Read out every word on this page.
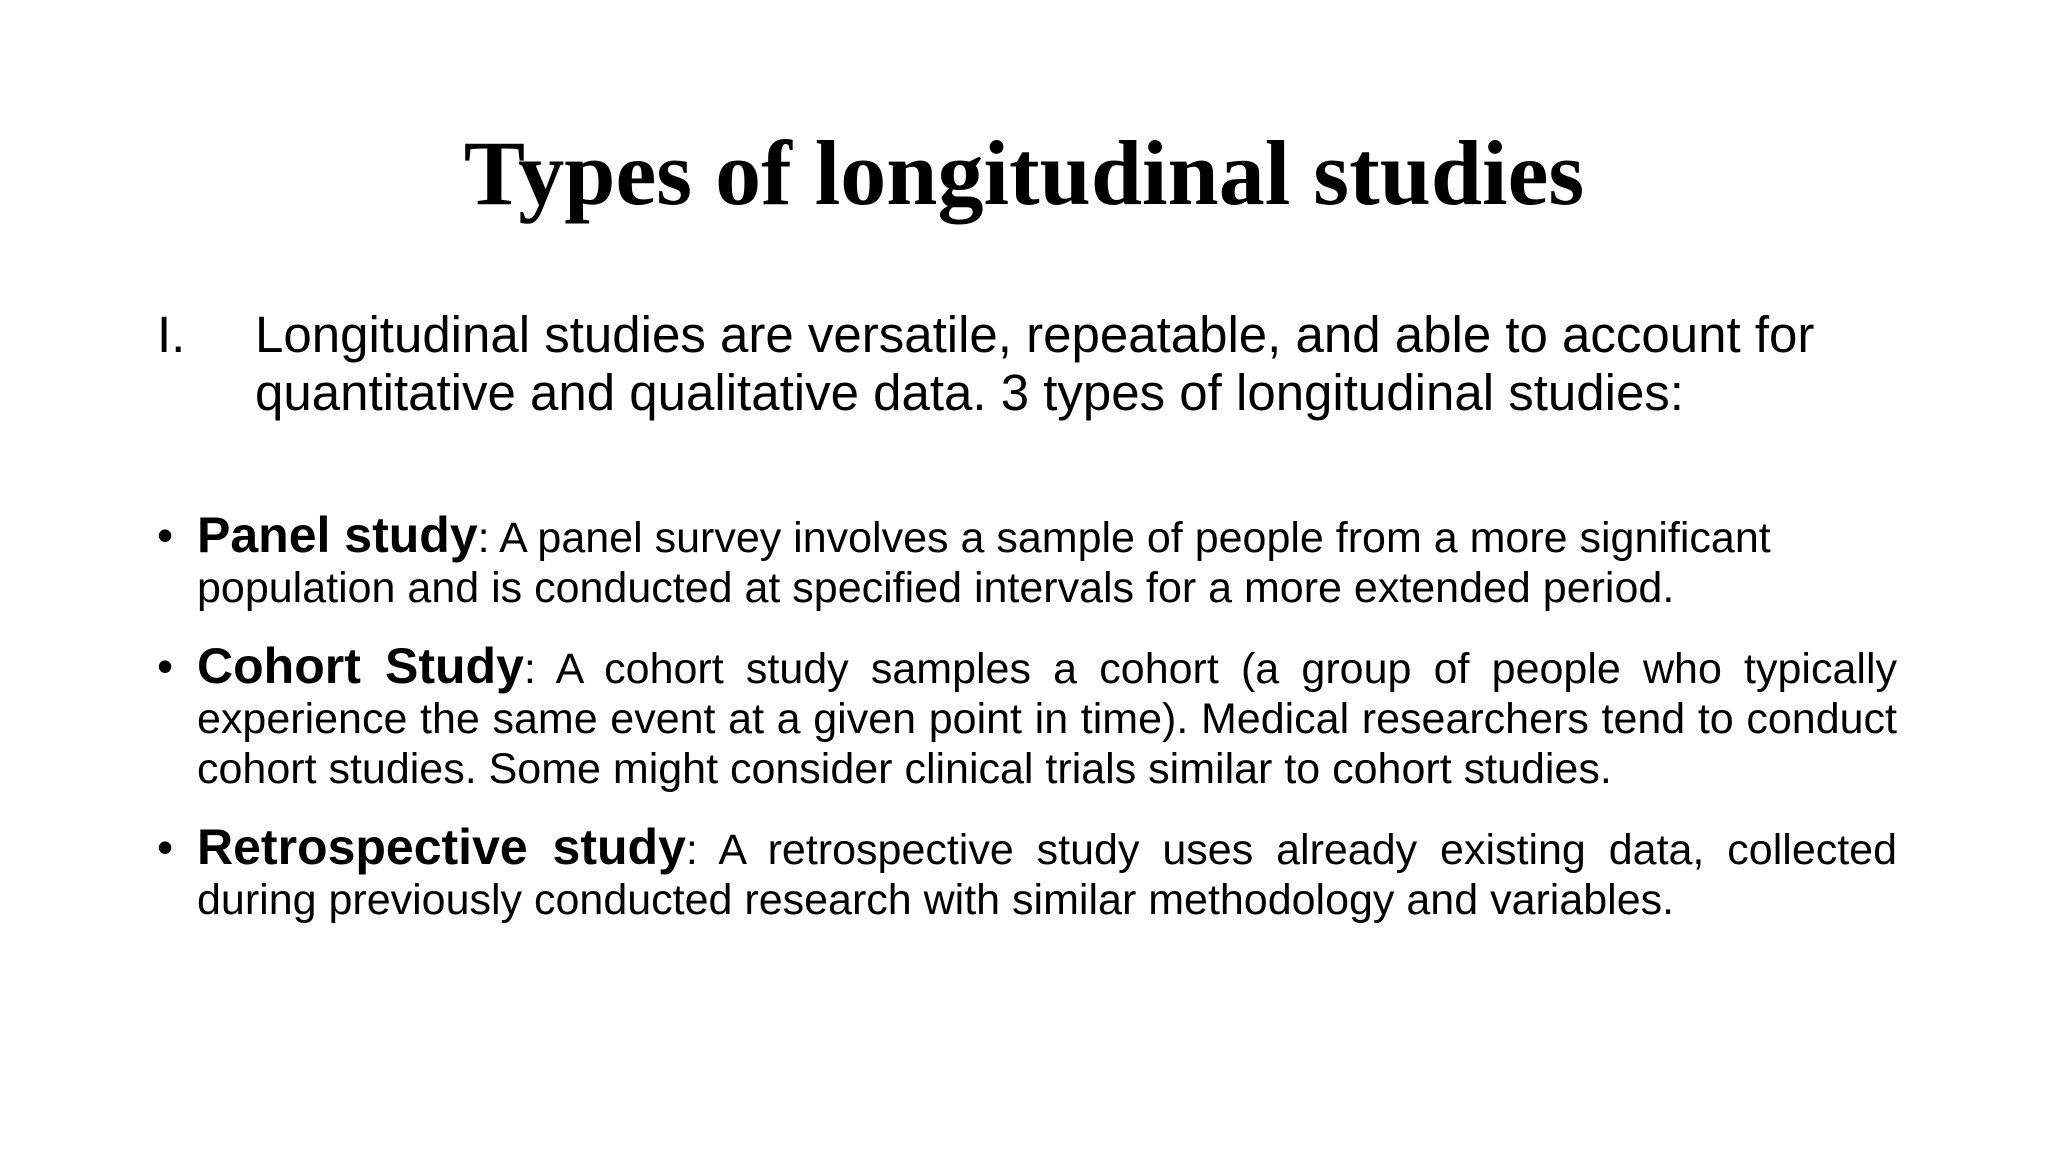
Types of longitudinal studies
I.	Longitudinal studies are versatile, repeatable, and able to account for quantitative and qualitative data. 3 types of longitudinal studies:
• Panel study: A panel survey involves a sample of people from a more significant population and is conducted at specified intervals for a more extended period.
• Cohort Study: A cohort study samples a cohort (a group of people who typically experience the same event at a given point in time). Medical researchers tend to conduct cohort studies. Some might consider clinical trials similar to cohort studies.
• Retrospective study: A retrospective study uses already existing data, collected during previously conducted research with similar methodology and variables.
